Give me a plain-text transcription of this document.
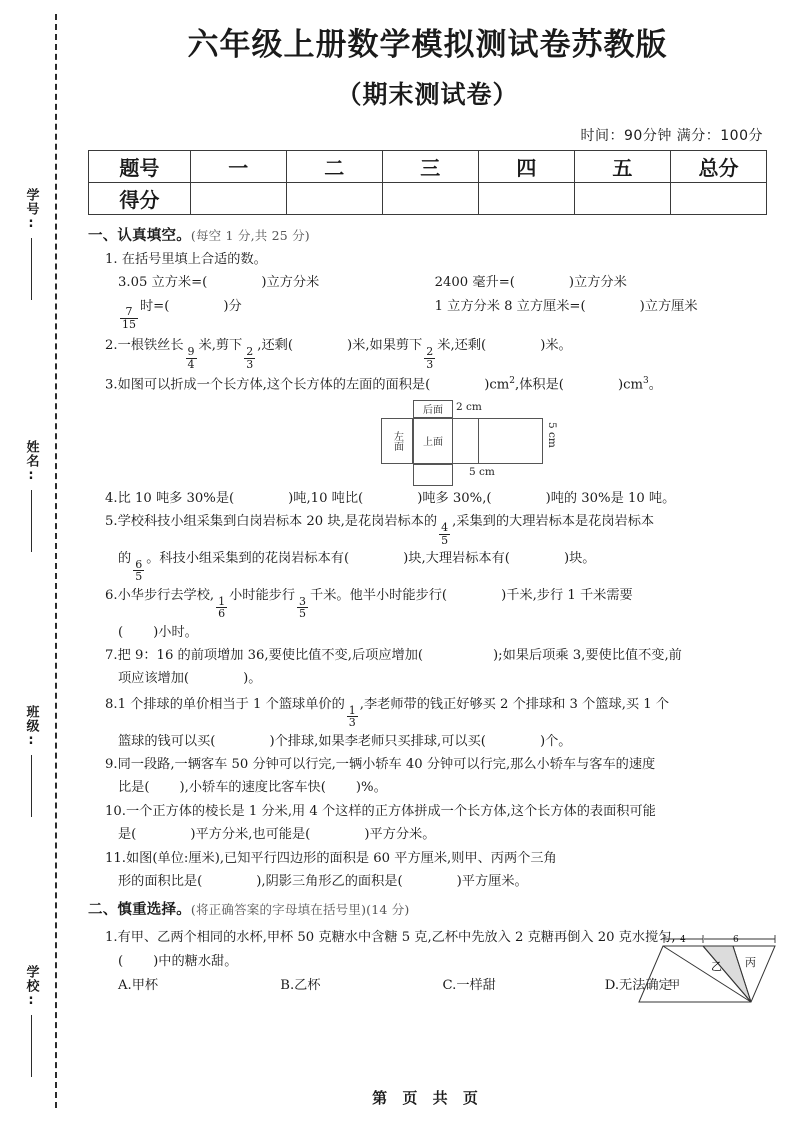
学号:
姓名:
班级:
学校:
六年级上册数学模拟测试卷苏教版
（期末测试卷）
时间：90分钟 满分：100分
题号	一	二	三	四	五	总分
得分						
一、认真填空。(每空 1 分,共 25 分)
1. 在括号里填上合适的数。
3.05 立方米=(	)立方分米	2400 毫升=(	)立方分米
$\frac{7}{15}$
时=(	)分	1 立方分米 8 立方厘米=(	)立方厘米
2.一根铁丝长
$\frac{9}{4}$
米,剪下
$\frac{2}{3}$
,还剩(	)米,如果剪下
$\frac{2}{3}$
米,还剩(	)米。
3.如图可以折成一个长方体,这个长方体的左面的面积是(	)$cm^2$,体积是(	)$cm^3$。
后面
上面
左面
2 cm
5 cm
5 cm
4.比 10 吨多 30%是(	)吨,10 吨比(	)吨多 30%,(	)吨的 30%是 10 吨。
5.学校科技小组采集到白岗岩标本 20 块,是花岗岩标本的
$\frac{4}{5}$
,采集到的大理岩标本是花岗岩标本
的
$\frac{6}{5}$
。科技小组采集到的花岗岩标本有(	)块,大理岩标本有(	)块。
6.小华步行去学校,
$\frac{1}{6}$
小时能步行
$\frac{3}{5}$
千米。他半小时能步行(	)千米,步行 1 千米需要
( )小时。
7.把 9：16 的前项增加 36,要使比值不变,后项应增加(	);如果后项乘 3,要使比值不变,前
项应该增加(	)。
8.1 个排球的单价相当于 1 个篮球单价的
$\frac{1}{3}$
,李老师带的钱正好够买 2 个排球和 3 个篮球,买 1 个
篮球的钱可以买(	)个排球,如果李老师只买排球,可以买(	)个。
9.同一段路,一辆客车 50 分钟可以行完,一辆小轿车 40 分钟可以行完,那么小轿车与客车的速度
比是( ),小轿车的速度比客车快( )%。
10.一个正方体的棱长是 1 分米,用 4 个这样的正方体拼成一个长方体,这个长方体的表面积可能
是(	)平方分米,也可能是(	)平方分米。
11.如图(单位:厘米),已知平行四边形的面积是 60 平方厘米,则甲、丙两个三角
形的面积比是(	),阴影三角形乙的面积是(	)平方厘米。
二、慎重选择。(将正确答案的字母填在括号里)(14 分)
1.有甲、乙两个相同的水杯,甲杯 50 克糖水中含糖 5 克,乙杯中先放入 2 克糖再倒入 20 克水搅匀,
( )中的糖水甜。
A.甲杯	B.乙杯	C.一样甜	D.无法确定
4	6
甲
乙 丙
第 页 共 页
